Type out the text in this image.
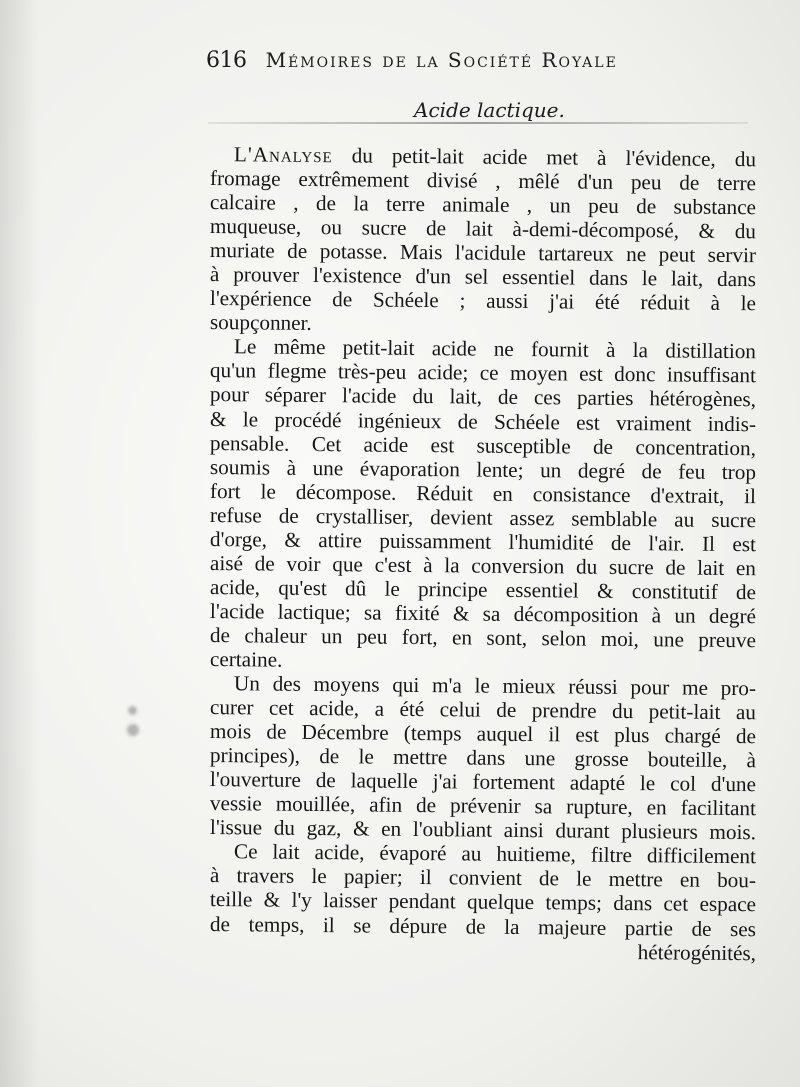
616 Mémoires de la Société Royale
Acide lactique.
L'Analyse du petit-lait acide met à l'évidence, du
fromage extrêmement divisé , mêlé d'un peu de terre
calcaire , de la terre animale , un peu de substance
muqueuse, ou sucre de lait à-demi-décomposé, & du
muriate de potasse. Mais l'acidule tartareux ne peut servir
à prouver l'existence d'un sel essentiel dans le lait, dans
l'expérience de Schéele ; aussi j'ai été réduit à le
soupçonner.
Le même petit-lait acide ne fournit à la distillation
qu'un flegme très-peu acide; ce moyen est donc insuffisant
pour séparer l'acide du lait, de ces parties hétérogènes,
& le procédé ingénieux de Schéele est vraiment indis-
pensable. Cet acide est susceptible de concentration,
soumis à une évaporation lente; un degré de feu trop
fort le décompose. Réduit en consistance d'extrait, il
refuse de crystalliser, devient assez semblable au sucre
d'orge, & attire puissamment l'humidité de l'air. Il est
aisé de voir que c'est à la conversion du sucre de lait en
acide, qu'est dû le principe essentiel & constitutif de
l'acide lactique; sa fixité & sa décomposition à un degré
de chaleur un peu fort, en sont, selon moi, une preuve
certaine.
Un des moyens qui m'a le mieux réussi pour me pro-
curer cet acide, a été celui de prendre du petit-lait au
mois de Décembre (temps auquel il est plus chargé de
principes), de le mettre dans une grosse bouteille, à
l'ouverture de laquelle j'ai fortement adapté le col d'une
vessie mouillée, afin de prévenir sa rupture, en facilitant
l'issue du gaz, & en l'oubliant ainsi durant plusieurs mois.
Ce lait acide, évaporé au huitieme, filtre difficilement
à travers le papier; il convient de le mettre en bou-
teille & l'y laisser pendant quelque temps; dans cet espace
de temps, il se dépure de la majeure partie de ses
hétérogénités,
